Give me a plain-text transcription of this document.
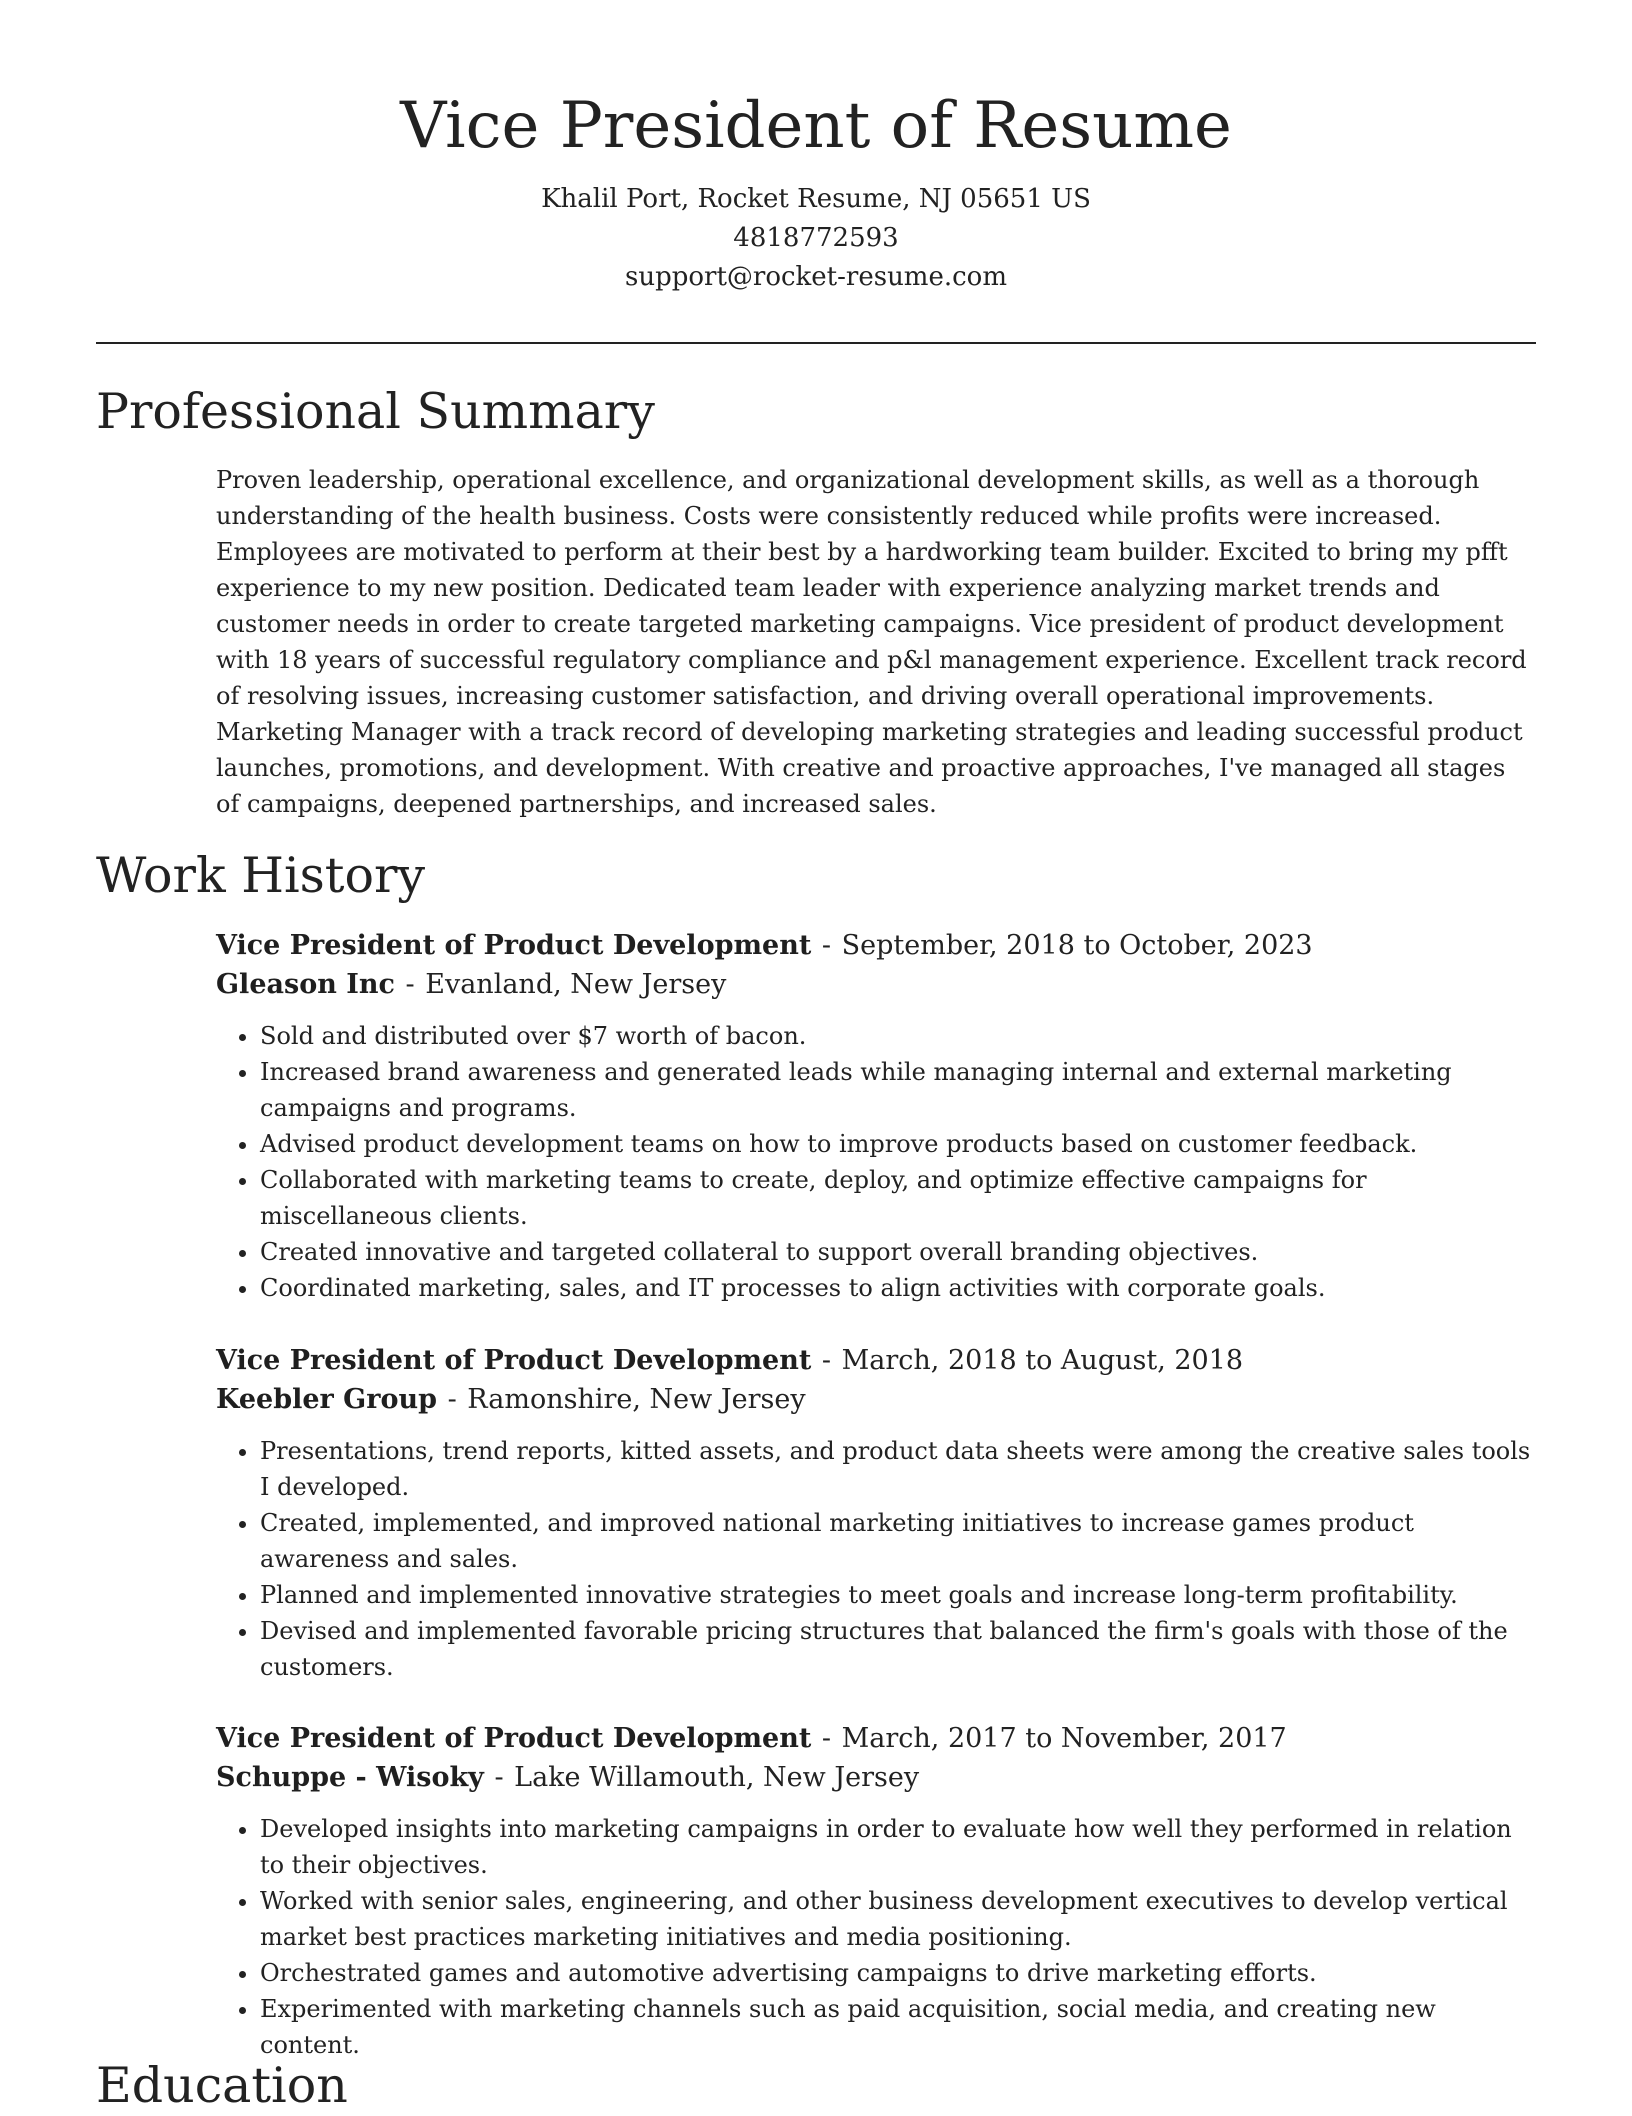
Vice President of Resume

Khalil Port, Rocket Resume, NJ 05651 US

4818772593

support@rocket-resume.com

Professional Summary

Proven leadership, operational excellence, and organizational development skills, as well as a thorough understanding of the health business. Costs were consistently reduced while profits were increased. Employees are motivated to perform at their best by a hardworking team builder. Excited to bring my pfft experience to my new position. Dedicated team leader with experience analyzing market trends and customer needs in order to create targeted marketing campaigns. Vice president of product development with 18 years of successful regulatory compliance and p&l management experience. Excellent track record of resolving issues, increasing customer satisfaction, and driving overall operational improvements. Marketing Manager with a track record of developing marketing strategies and leading successful product launches, promotions, and development. With creative and proactive approaches, I've managed all stages of campaigns, deepened partnerships, and increased sales.

Work History

Vice President of Product Development - September, 2018 to October, 2023

Gleason Inc - Evanland, New Jersey

• Sold and distributed over $7 worth of bacon.
• Increased brand awareness and generated leads while managing internal and external marketing campaigns and programs.
• Advised product development teams on how to improve products based on customer feedback.
• Collaborated with marketing teams to create, deploy, and optimize effective campaigns for miscellaneous clients.
• Created innovative and targeted collateral to support overall branding objectives.
• Coordinated marketing, sales, and IT processes to align activities with corporate goals.

Vice President of Product Development - March, 2018 to August, 2018

Keebler Group - Ramonshire, New Jersey

• Presentations, trend reports, kitted assets, and product data sheets were among the creative sales tools I developed.
• Created, implemented, and improved national marketing initiatives to increase games product awareness and sales.
• Planned and implemented innovative strategies to meet goals and increase long-term profitability.
• Devised and implemented favorable pricing structures that balanced the firm's goals with those of the customers.

Vice President of Product Development - March, 2017 to November, 2017

Schuppe - Wisoky - Lake Willamouth, New Jersey

• Developed insights into marketing campaigns in order to evaluate how well they performed in relation to their objectives.
• Worked with senior sales, engineering, and other business development executives to develop vertical market best practices marketing initiatives and media positioning.
• Orchestrated games and automotive advertising campaigns to drive marketing efforts.
• Experimented with marketing channels such as paid acquisition, social media, and creating new content.
Education
